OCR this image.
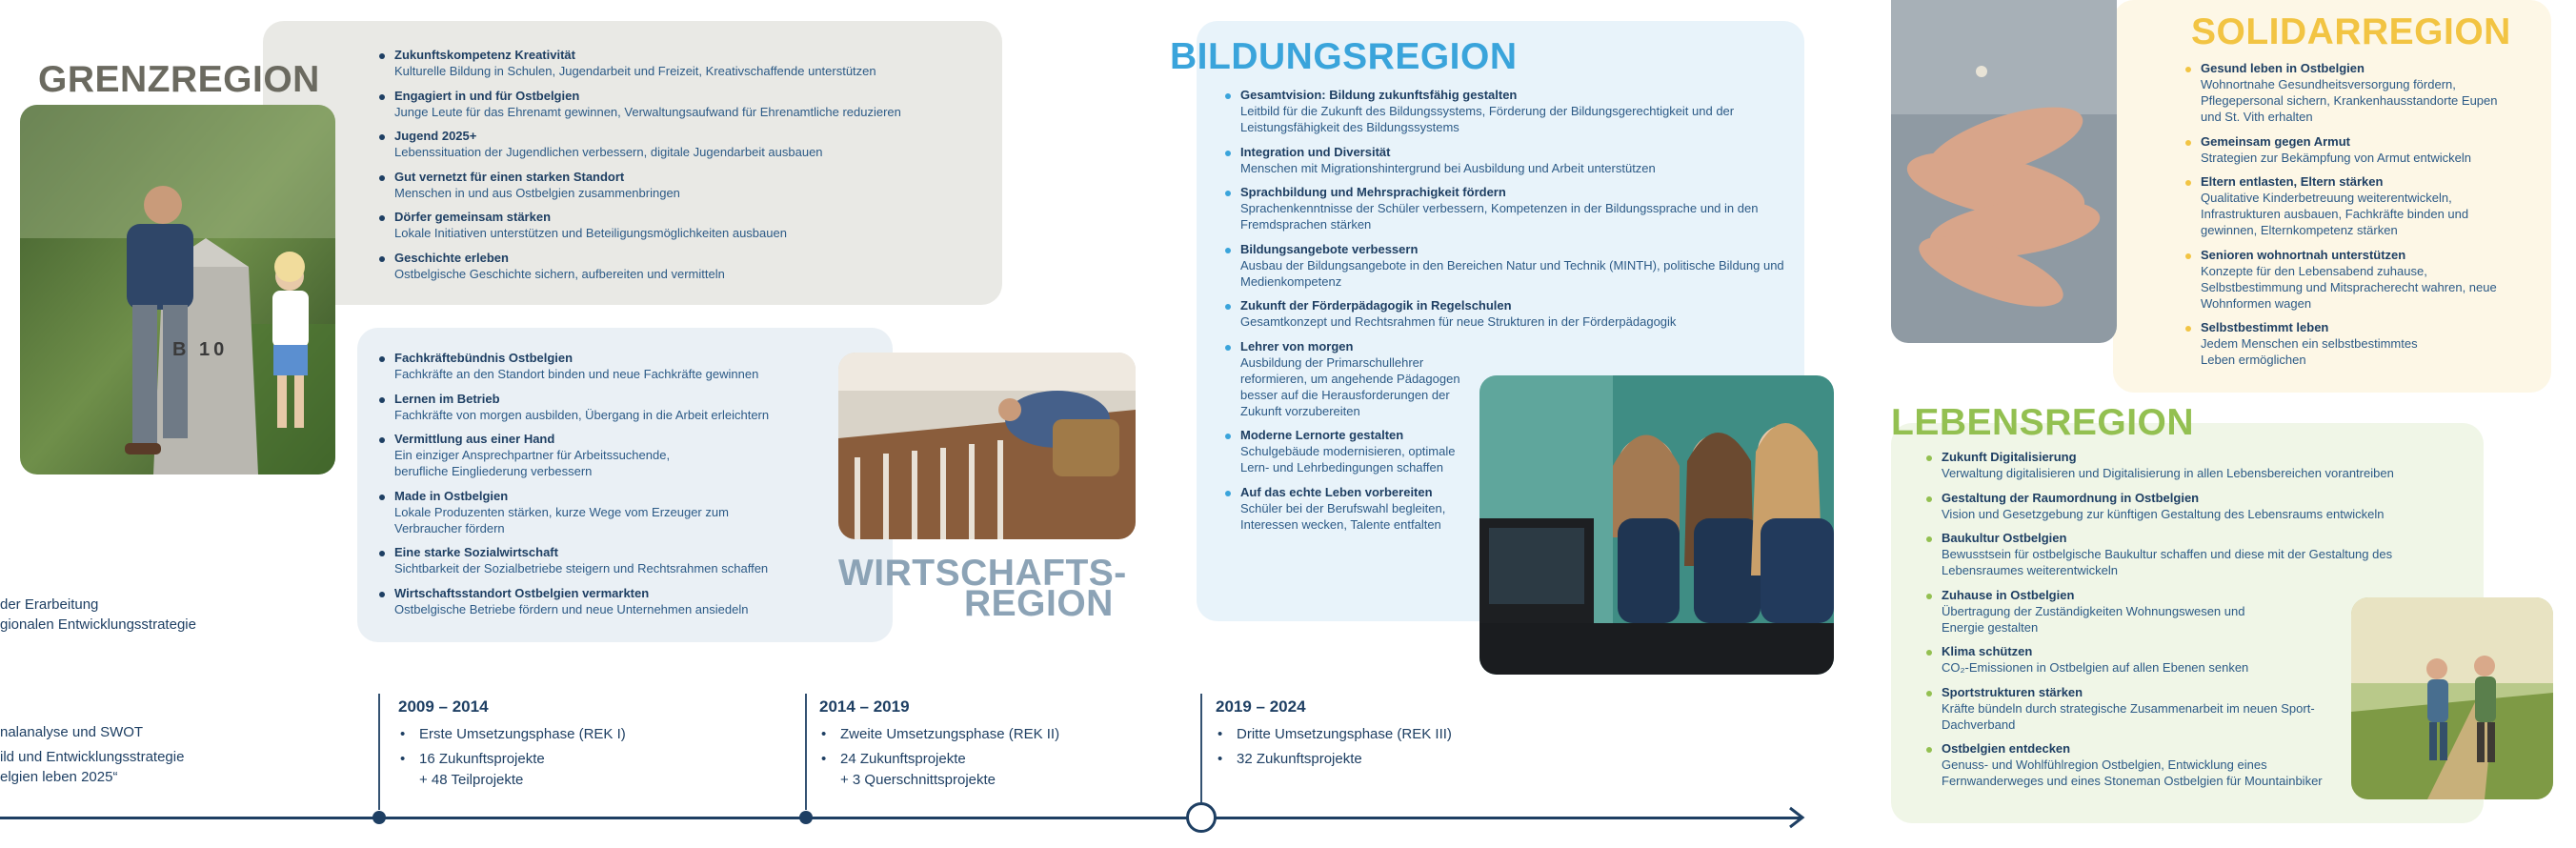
GRENZREGION
B 10
Zukunftskompetenz Kreativität
Kulturelle Bildung in Schulen, Jugendarbeit und Freizeit, Kreativschaffende unterstützen
Engagiert in und für Ostbelgien
Junge Leute für das Ehrenamt gewinnen, Verwaltungsaufwand für Ehrenamtliche reduzieren
Jugend 2025+
Lebenssituation der Jugendlichen verbessern, digitale Jugendarbeit ausbauen
Gut vernetzt für einen starken Standort
Menschen in und aus Ostbelgien zusammenbringen
Dörfer gemeinsam stärken
Lokale Initiativen unterstützen und Beteiligungsmöglichkeiten ausbauen
Geschichte erleben
Ostbelgische Geschichte sichern, aufbereiten und vermitteln
Fachkräftebündnis Ostbelgien
Fachkräfte an den Standort binden und neue Fachkräfte gewinnen
Lernen im Betrieb
Fachkräfte von morgen ausbilden, Übergang in die Arbeit erleichtern
Vermittlung aus einer Hand
Ein einziger Ansprechpartner für Arbeitssuchende, berufliche Eingliederung verbessern
Made in Ostbelgien
Lokale Produzenten stärken, kurze Wege vom Erzeuger zum Verbraucher fördern
Eine starke Sozialwirtschaft
Sichtbarkeit der Sozialbetriebe steigern und Rechtsrahmen schaffen
Wirtschaftsstandort Ostbelgien vermarkten
Ostbelgische Betriebe fördern und neue Unternehmen ansiedeln
WIRTSCHAFTS-
REGION
BILDUNGSREGION
Gesamtvision: Bildung zukunftsfähig gestalten
Leitbild für die Zukunft des Bildungssystems, Förderung der Bildungsgerechtigkeit und der Leistungsfähigkeit des Bildungssystems
Integration und Diversität
Menschen mit Migrationshintergrund bei Ausbildung und Arbeit unterstützen
Sprachbildung und Mehrsprachigkeit fördern
Sprachenkenntnisse der Schüler verbessern, Kompetenzen in der Bildungssprache und in den Fremdsprachen stärken
Bildungsangebote verbessern
Ausbau der Bildungsangebote in den Bereichen Natur und Technik (MINTH), politische Bildung und Medienkompetenz
Zukunft der Förderpädagogik in Regelschulen
Gesamtkonzept und Rechtsrahmen für neue Strukturen in der Förderpädagogik
Lehrer von morgen
Ausbildung der Primarschullehrer reformieren, um angehende Pädagogen besser auf die Herausforderungen der Zukunft vorzubereiten
Moderne Lernorte gestalten
Schulgebäude modernisieren, optimale Lern- und Lehrbedingungen schaffen
Auf das echte Leben vorbereiten
Schüler bei der Berufswahl begleiten, Interessen wecken, Talente entfalten
SOLIDARREGION
Gesund leben in Ostbelgien
Wohnortnahe Gesundheitsversorgung fördern, Pflegepersonal sichern, Krankenhausstandorte Eupen und St. Vith erhalten
Gemeinsam gegen Armut
Strategien zur Bekämpfung von Armut entwickeln
Eltern entlasten, Eltern stärken
Qualitative Kinderbetreuung weiterentwickeln, Infrastrukturen ausbauen, Fachkräfte binden und gewinnen, Elternkompetenz stärken
Senioren wohnortnah unterstützen
Konzepte für den Lebensabend zuhause, Selbstbestimmung und Mitspracherecht wahren, neue Wohnformen wagen
Selbstbestimmt leben
Jedem Menschen ein selbstbestimmtes Leben ermöglichen
LEBENSREGION
Zukunft Digitalisierung
Verwaltung digitalisieren und Digitalisierung in allen Lebensbereichen vorantreiben
Gestaltung der Raumordnung in Ostbelgien
Vision und Gesetzgebung zur künftigen Gestaltung des Lebensraums entwickeln
Baukultur Ostbelgien
Bewusstsein für ostbelgische Baukultur schaffen und diese mit der Gestaltung des Lebensraumes weiterentwickeln
Zuhause in Ostbelgien
Übertragung der Zuständigkeiten Wohnungswesen und Energie gestalten
Klima schützen
CO₂-Emissionen in Ostbelgien auf allen Ebenen senken
Sportstrukturen stärken
Kräfte bündeln durch strategische Zusammenarbeit im neuen Sport-Dachverband
Ostbelgien entdecken
Genuss- und Wohlfühlregion Ostbelgien, Entwicklung eines Fernwanderweges und eines Stoneman Ostbelgien für Mountainbiker
der Erarbeitung
gionalen Entwicklungsstrategie
nalanalyse und SWOT
ild und Entwicklungsstrategie
elgien leben 2025“
2009 – 2014
• Erste Umsetzungsphase (REK I)
• 16 Zukunftsprojekte
+ 48 Teilprojekte
2014 – 2019
• Zweite Umsetzungsphase (REK II)
• 24 Zukunftsprojekte
+ 3 Querschnittsprojekte
2019 – 2024
• Dritte Umsetzungsphase (REK III)
• 32 Zukunftsprojekte
